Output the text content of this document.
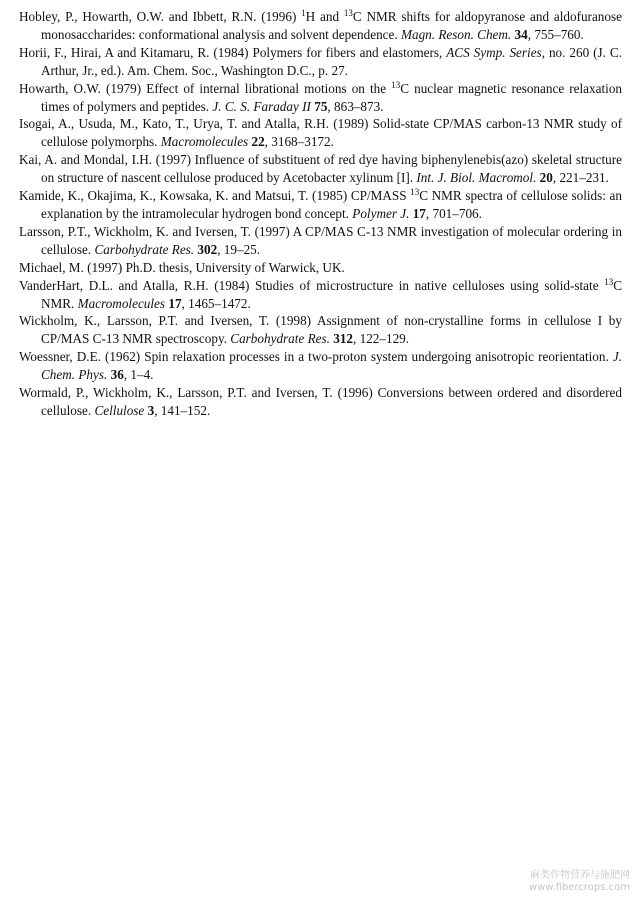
Hobley, P., Howarth, O.W. and Ibbett, R.N. (1996) $^1$H and $^{13}$C NMR shifts for aldopyranose and aldofuranose monosaccharides: conformational analysis and solvent dependence. Magn. Reson. Chem. 34, 755–760.

Horii, F., Hirai, A and Kitamaru, R. (1984) Polymers for fibers and elastomers, ACS Symp. Series, no. 260 (J. C. Arthur, Jr., ed.). Am. Chem. Soc., Washington D.C., p. 27.

Howarth, O.W. (1979) Effect of internal librational motions on the $^{13}$C nuclear magnetic resonance relaxation times of polymers and peptides. J. C. S. Faraday II 75, 863–873.

Isogai, A., Usuda, M., Kato, T., Urya, T. and Atalla, R.H. (1989) Solid-state CP/MAS carbon-13 NMR study of cellulose polymorphs. Macromolecules 22, 3168–3172.

Kai, A. and Mondal, I.H. (1997) Influence of substituent of red dye having biphenylenebis(azo) skeletal structure on structure of nascent cellulose produced by Acetobacter xylinum [I]. Int. J. Biol. Macromol. 20, 221–231.

Kamide, K., Okajima, K., Kowsaka, K. and Matsui, T. (1985) CP/MASS $^{13}$C NMR spectra of cellulose solids: an explanation by the intramolecular hydrogen bond concept. Polymer J. 17, 701–706.

Larsson, P.T., Wickholm, K. and Iversen, T. (1997) A CP/MAS C-13 NMR investigation of molecular ordering in cellulose. Carbohydrate Res. 302, 19–25.

Michael, M. (1997) Ph.D. thesis, University of Warwick, UK.

VanderHart, D.L. and Atalla, R.H. (1984) Studies of microstructure in native celluloses using solid-state $^{13}$C NMR. Macromolecules 17, 1465–1472.

Wickholm, K., Larsson, P.T. and Iversen, T. (1998) Assignment of non-crystalline forms in cellulose I by CP/MAS C-13 NMR spectroscopy. Carbohydrate Res. 312, 122–129.

Woessner, D.E. (1962) Spin relaxation processes in a two-proton system undergoing anisotropic reorientation. J. Chem. Phys. 36, 1–4.

Wormald, P., Wickholm, K., Larsson, P.T. and Iversen, T. (1996) Conversions between ordered and disordered cellulose. Cellulose 3, 141–152.

麻类作物营养与施肥网
www.fibercrops.com
